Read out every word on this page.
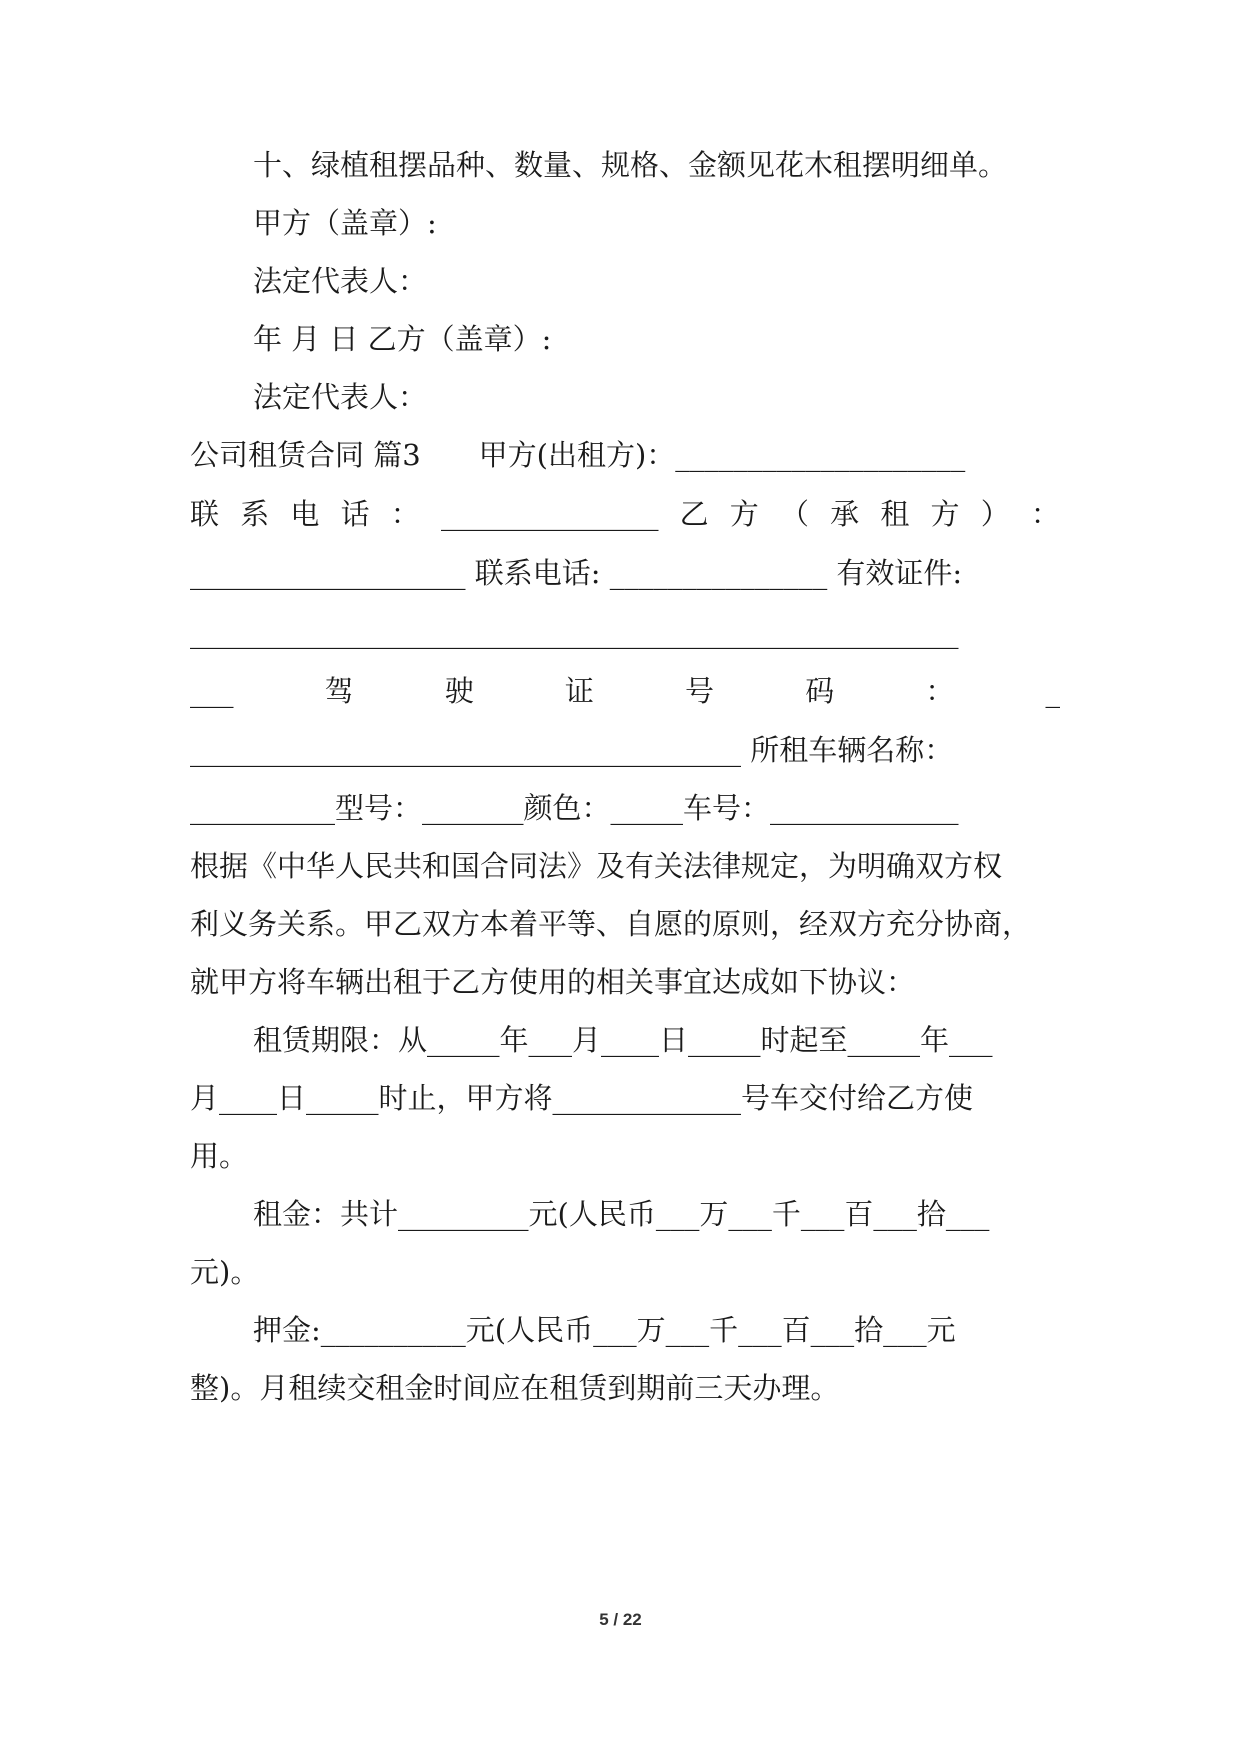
十、绿植租摆品种、数量、规格、金额见花木租摆明细单。

甲方（盖章）:

法定代表人：

年 月 日 乙方（盖章）:

法定代表人：

公司租赁合同 篇3　　甲方(出租方)：____________________

联 系 电 话 ： _______________ 乙 方 （ 承 租 方 ） ：

___________________ 联系电话: _______________ 有效证件:

_____________________________________________________

___	驾	驶	证	号	码	：	_

______________________________________ 所租车辆名称：

__________型号：_______颜色：_____车号：_____________

根据《中华人民共和国合同法》及有关法律规定，为明确双方权

利义务关系。甲乙双方本着平等、自愿的原则，经双方充分协商，

就甲方将车辆出租于乙方使用的相关事宜达成如下协议：

租赁期限：从_____年___月____日_____时起至_____年___

月____日_____时止，甲方将_____________号车交付给乙方使

用。

租金：共计_________元(人民币___万___千___百___拾___

元)。

押金:__________元(人民币___万___千___百___拾___元

整)。月租续交租金时间应在租赁到期前三天办理。

5 / 22
